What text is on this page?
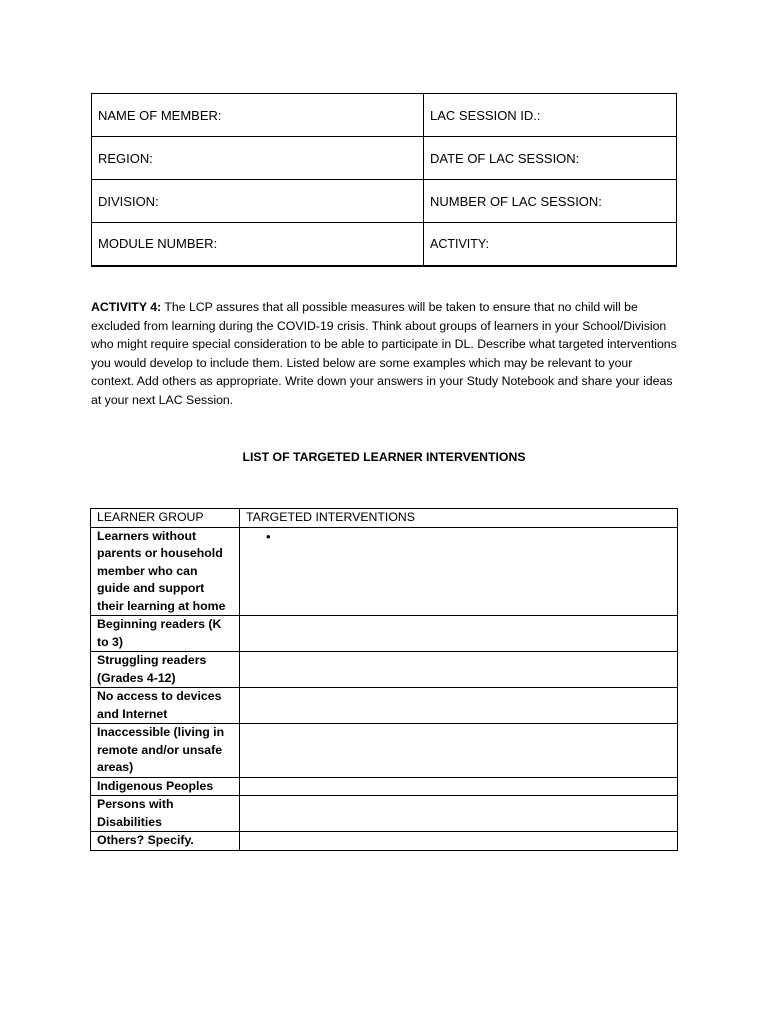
NAME OF MEMBER:	LAC SESSION ID.:
REGION:	DATE OF LAC SESSION:
DIVISION:	NUMBER OF LAC SESSION:
MODULE NUMBER:	ACTIVITY:
ACTIVITY 4: The LCP assures that all possible measures will be taken to ensure that no child will be excluded from learning during the COVID-19 crisis. Think about groups of learners in your School/Division who might require special consideration to be able to participate in DL. Describe what targeted interventions you would develop to include them. Listed below are some examples which may be relevant to your context. Add others as appropriate. Write down your answers in your Study Notebook and share your ideas at your next LAC Session.
LIST OF TARGETED LEARNER INTERVENTIONS
LEARNER GROUP	TARGETED INTERVENTIONS
Learners without parents or household member who can guide and support their learning at home	•
Beginning readers (K to 3)	
Struggling readers (Grades 4-12)	
No access to devices and Internet	
Inaccessible (living in remote and/or unsafe areas)	
Indigenous Peoples	
Persons with Disabilities	
Others? Specify.	
